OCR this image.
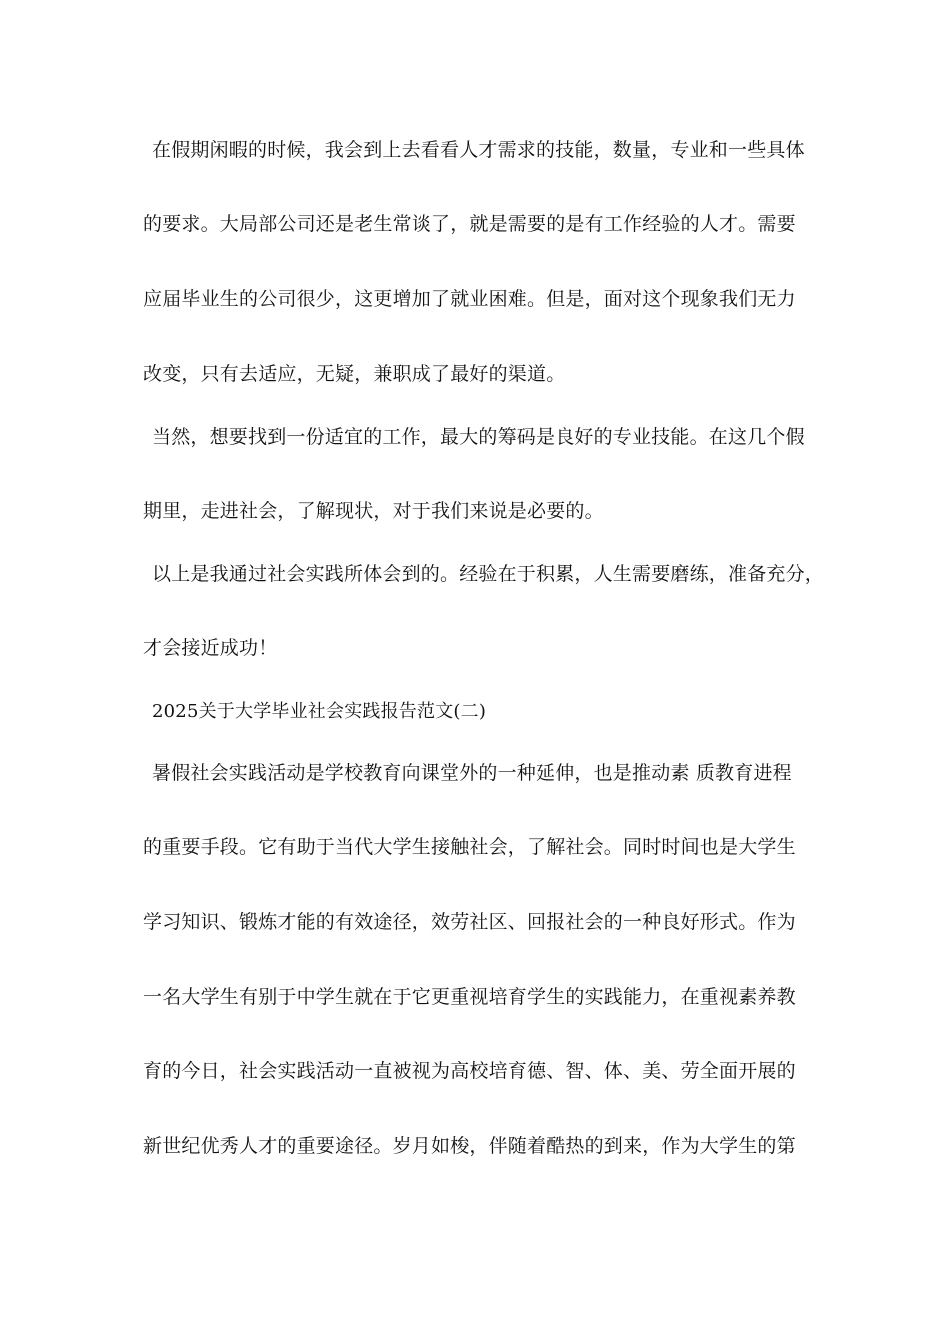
在假期闲暇的时候，我会到上去看看人才需求的技能，数量，专业和一些具体

的要求。大局部公司还是老生常谈了，就是需要的是有工作经验的人才。需要

应届毕业生的公司很少，这更增加了就业困难。但是，面对这个现象我们无力

改变，只有去适应，无疑，兼职成了最好的渠道。

当然，想要找到一份适宜的工作，最大的筹码是良好的专业技能。在这几个假

期里，走进社会，了解现状，对于我们来说是必要的。

以上是我通过社会实践所体会到的。经验在于积累，人生需要磨练，准备充分，

才会接近成功！

2025关于大学毕业社会实践报告范文(二)

暑假社会实践活动是学校教育向课堂外的一种延伸，也是推动素 质教育进程

的重要手段。它有助于当代大学生接触社会，了解社会。同时时间也是大学生

学习知识、锻炼才能的有效途径，效劳社区、回报社会的一种良好形式。作为

一名大学生有别于中学生就在于它更重视培育学生的实践能力，在重视素养教

育的今日，社会实践活动一直被视为高校培育德、智、体、美、劳全面开展的

新世纪优秀人才的重要途径。岁月如梭，伴随着酷热的到来，作为大学生的第
